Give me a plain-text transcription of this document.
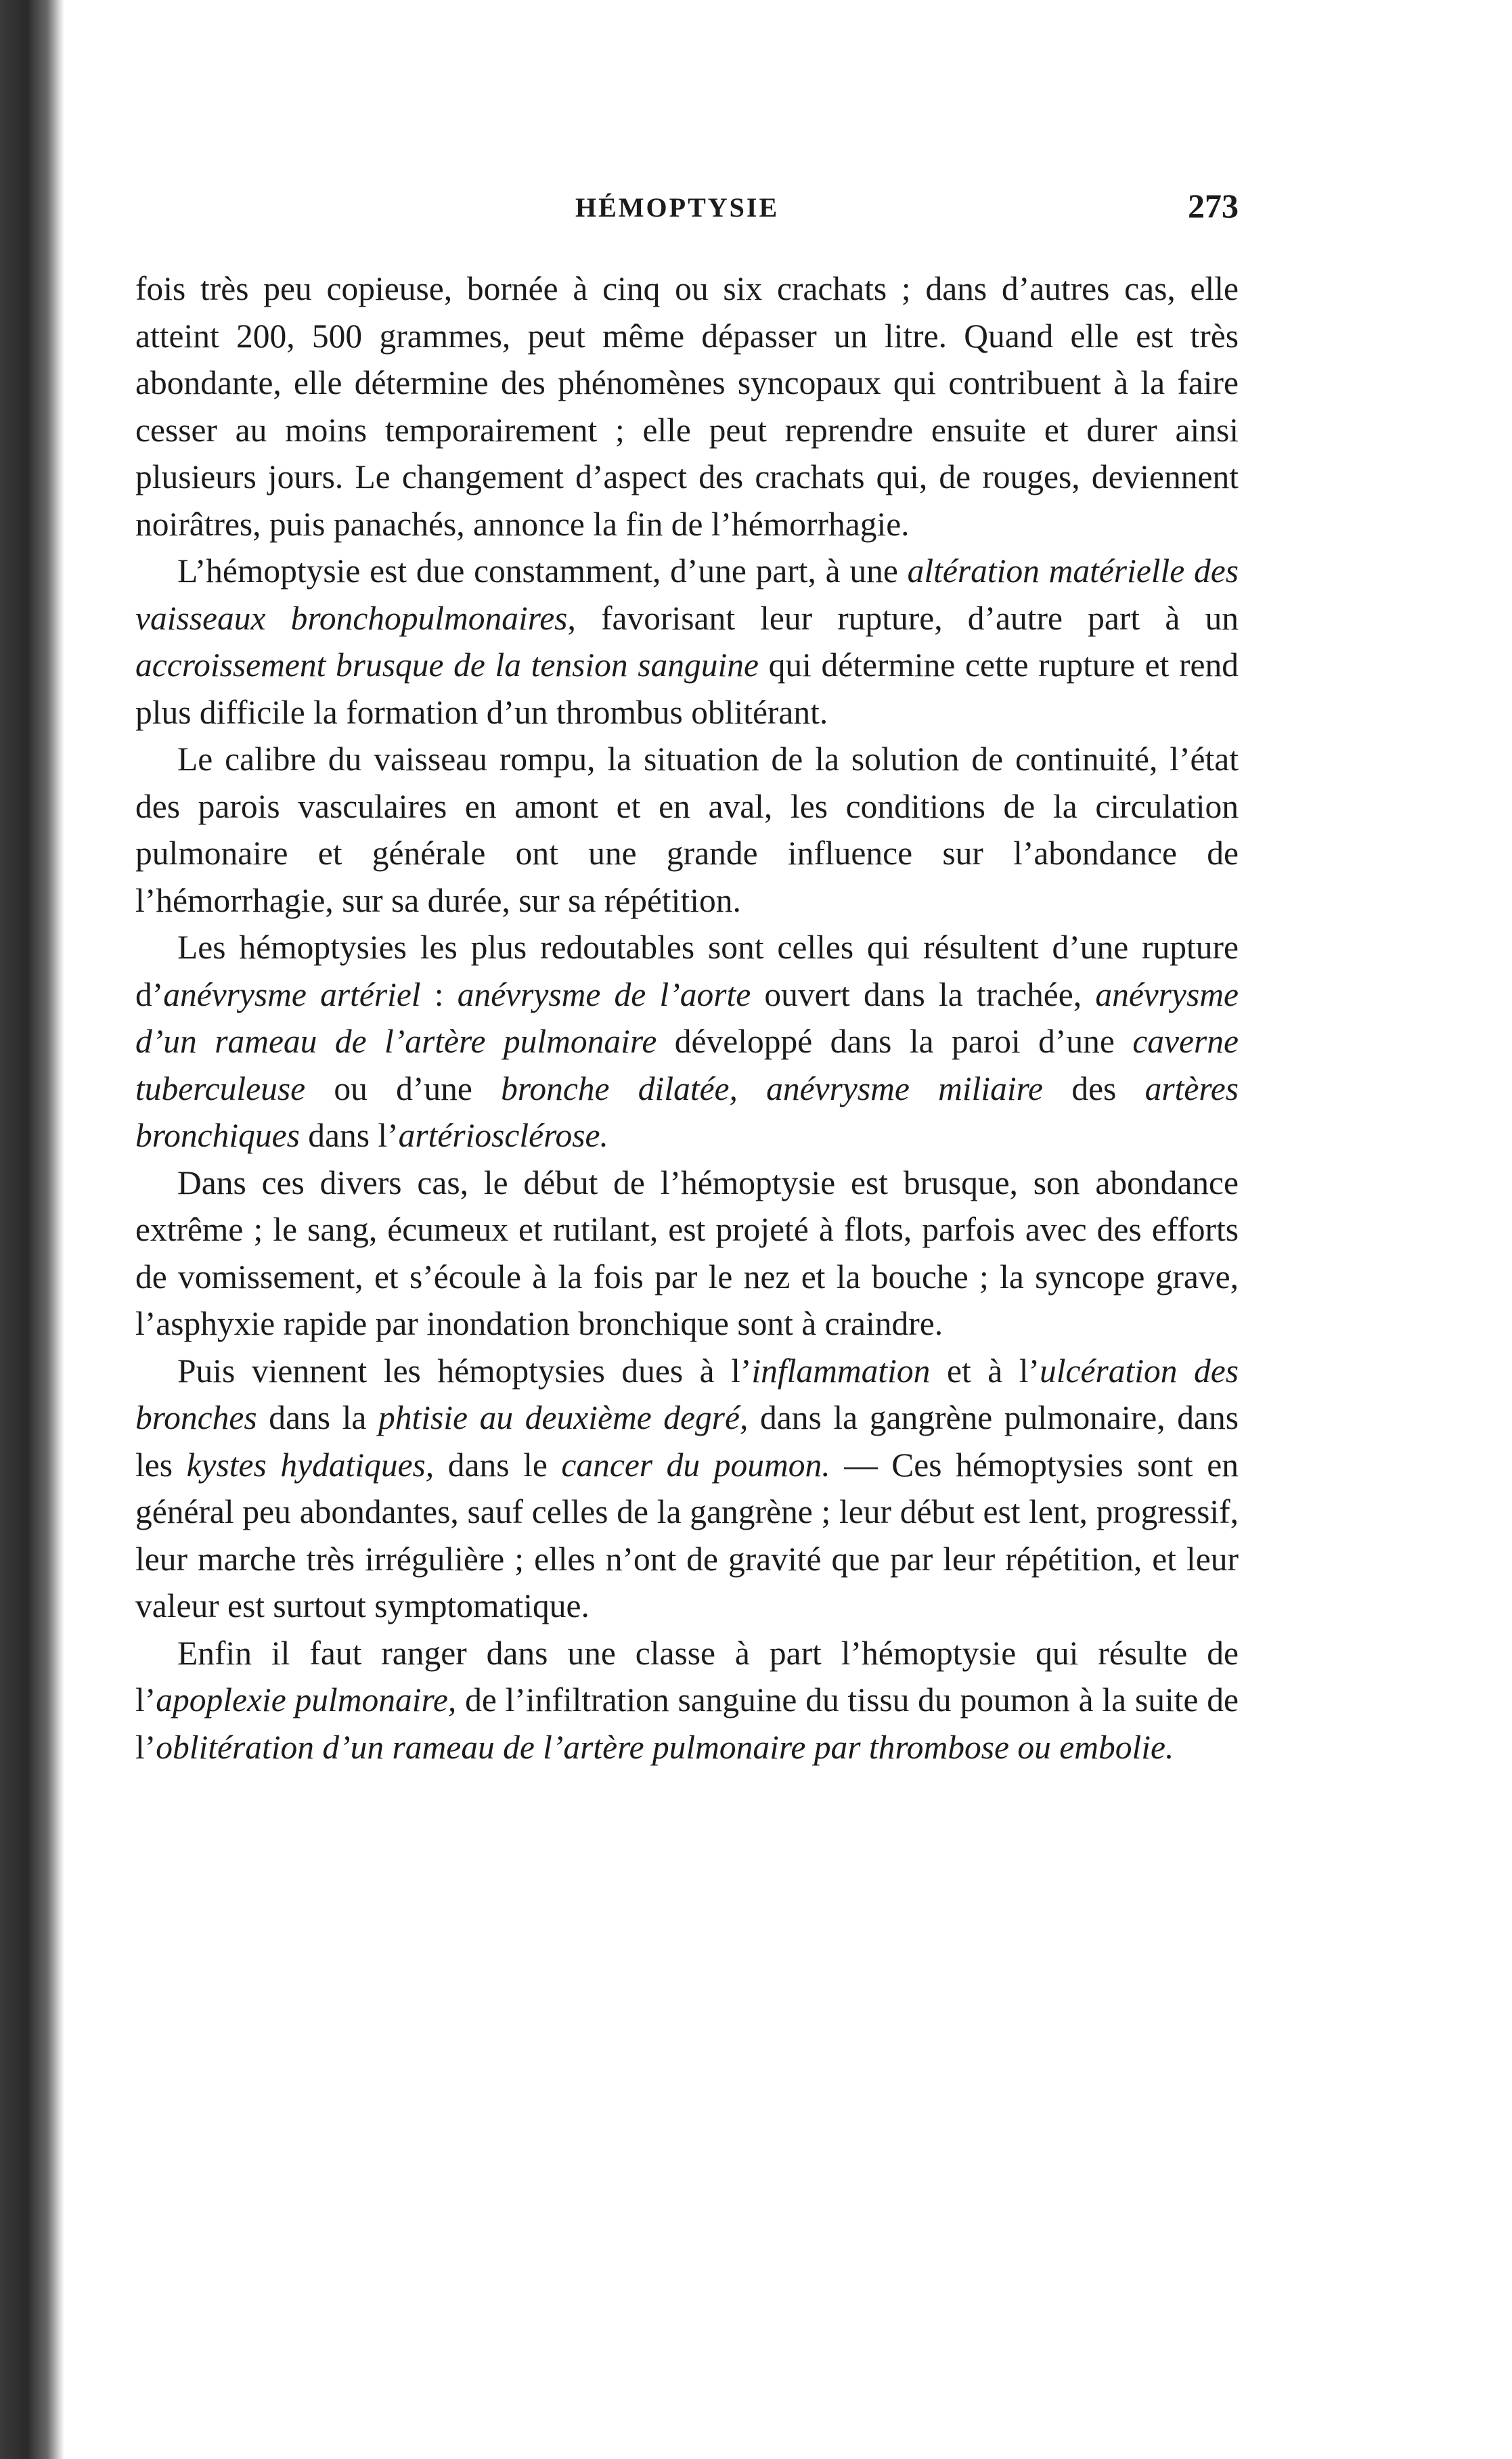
HÉMOPTYSIE	273

fois très peu copieuse, bornée à cinq ou six crachats ; dans d’autres cas, elle atteint 200, 500 grammes, peut même dépasser un litre. Quand elle est très abondante, elle détermine des phénomènes syncopaux qui contribuent à la faire cesser au moins temporairement ; elle peut reprendre ensuite et durer ainsi plusieurs jours. Le changement d’aspect des crachats qui, de rouges, deviennent noirâtres, puis panachés, annonce la fin de l’hémorrhagie.

L’hémoptysie est due constamment, d’une part, à une altération matérielle des vaisseaux bronchopulmonaires, favorisant leur rupture, d’autre part à un accroissement brusque de la tension sanguine qui détermine cette rupture et rend plus difficile la formation d’un thrombus oblitérant.

Le calibre du vaisseau rompu, la situation de la solution de continuité, l’état des parois vasculaires en amont et en aval, les conditions de la circulation pulmonaire et générale ont une grande influence sur l’abondance de l’hémorrhagie, sur sa durée, sur sa répétition.

Les hémoptysies les plus redoutables sont celles qui résultent d’une rupture d’anévrysme artériel : anévrysme de l’aorte ouvert dans la trachée, anévrysme d’un rameau de l’artère pulmonaire développé dans la paroi d’une caverne tuberculeuse ou d’une bronche dilatée, anévrysme miliaire des artères bronchiques dans l’artériosclérose.

Dans ces divers cas, le début de l’hémoptysie est brusque, son abondance extrême ; le sang, écumeux et rutilant, est projeté à flots, parfois avec des efforts de vomissement, et s’écoule à la fois par le nez et la bouche ; la syncope grave, l’asphyxie rapide par inondation bronchique sont à craindre.

Puis viennent les hémoptysies dues à l’inflammation et à l’ulcération des bronches dans la phtisie au deuxième degré, dans la gangrène pulmonaire, dans les kystes hydatiques, dans le cancer du poumon. — Ces hémoptysies sont en général peu abondantes, sauf celles de la gangrène ; leur début est lent, progressif, leur marche très irrégulière ; elles n’ont de gravité que par leur répétition, et leur valeur est surtout symptomatique.

Enfin il faut ranger dans une classe à part l’hémoptysie qui résulte de l’apoplexie pulmonaire, de l’infiltration sanguine du tissu du poumon à la suite de l’oblitération d’un rameau de l’artère pulmonaire par thrombose ou embolie.
